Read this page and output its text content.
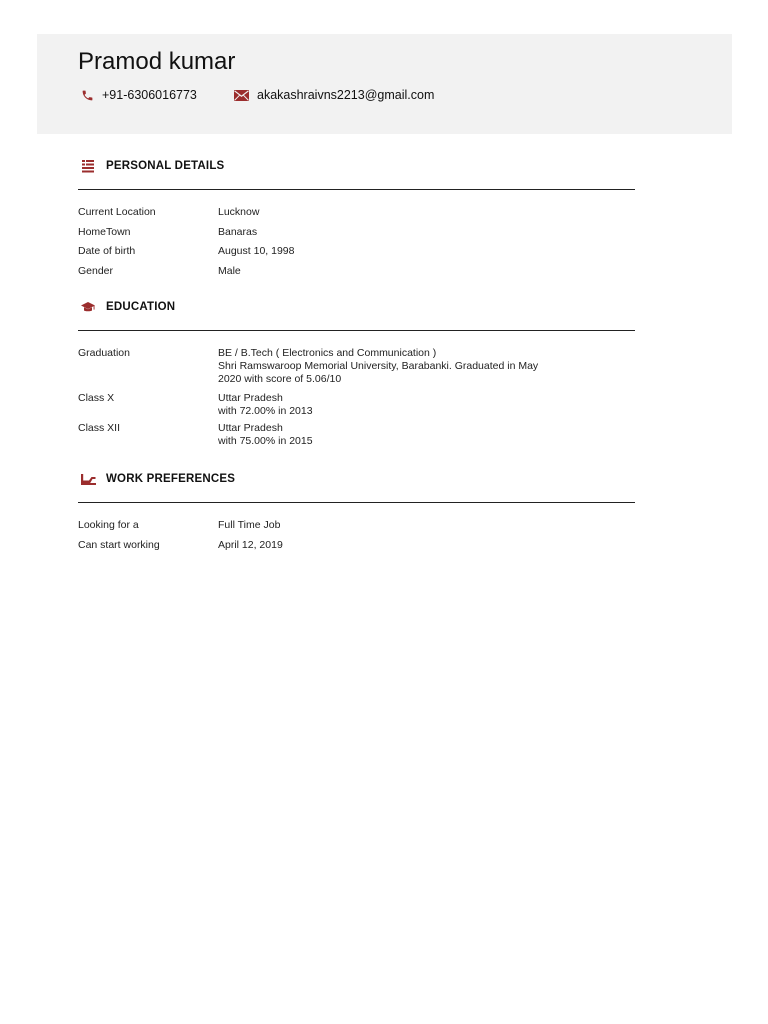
Pramod kumar
+91-6306016773	akakashraivns2213@gmail.com
PERSONAL DETAILS
Current Location	Lucknow
HomeTown	Banaras
Date of birth	August 10, 1998
Gender	Male
EDUCATION
Graduation	BE / B.Tech ( Electronics and Communication )
Shri Ramswaroop Memorial University, Barabanki. Graduated in May
2020 with score of 5.06/10
Class X	Uttar Pradesh
with 72.00% in 2013
Class XII	Uttar Pradesh
with 75.00% in 2015
WORK PREFERENCES
Looking for a	Full Time Job
Can start working	April 12, 2019
